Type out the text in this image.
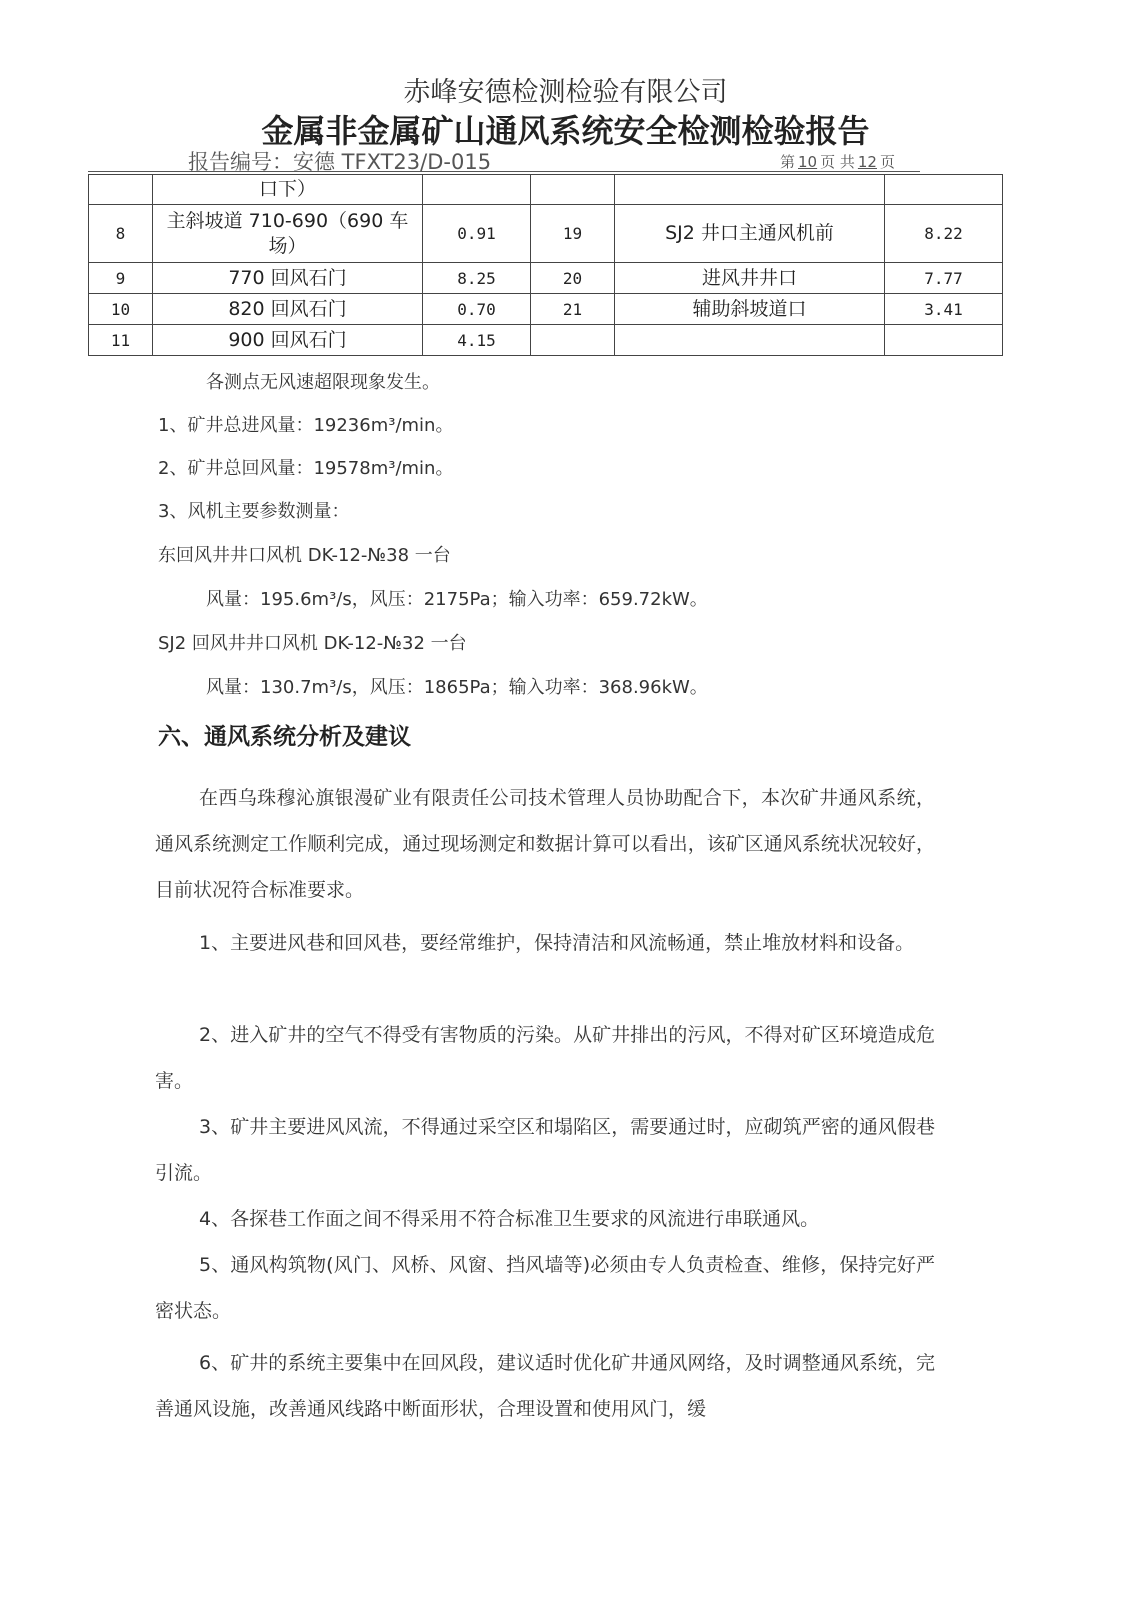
赤峰安德检测检验有限公司
金属非金属矿山通风系统安全检测检验报告
报告编号：安德 TFXT23/D-015	第 10 页 共 12 页
	口下）				
8	主斜坡道 710-690（690 车场）	0.91	19	SJ2 井口主通风机前	8.22
9	770 回风石门	8.25	20	进风井井口	7.77
10	820 回风石门	0.70	21	辅助斜坡道口	3.41
11	900 回风石门	4.15			
各测点无风速超限现象发生。
1、矿井总进风量：19236m³/min。
2、矿井总回风量：19578m³/min。
3、风机主要参数测量：
东回风井井口风机 DK-12-№38 一台
风量：195.6m³/s，风压：2175Pa；输入功率：659.72kW。
SJ2 回风井井口风机 DK-12-№32 一台
风量：130.7m³/s，风压：1865Pa；输入功率：368.96kW。
六、通风系统分析及建议
在西乌珠穆沁旗银漫矿业有限责任公司技术管理人员协助配合下，本次矿井通风系统，通风系统测定工作顺利完成，通过现场测定和数据计算可以看出，该矿区通风系统状况较好，目前状况符合标准要求。
1、主要进风巷和回风巷，要经常维护，保持清洁和风流畅通，禁止堆放材料和设备。
2、进入矿井的空气不得受有害物质的污染。从矿井排出的污风，不得对矿区环境造成危害。
3、矿井主要进风风流，不得通过采空区和塌陷区，需要通过时，应砌筑严密的通风假巷引流。
4、各探巷工作面之间不得采用不符合标准卫生要求的风流进行串联通风。
5、通风构筑物(风门、风桥、风窗、挡风墙等)必须由专人负责检查、维修，保持完好严密状态。
6、矿井的系统主要集中在回风段，建议适时优化矿井通风网络，及时调整通风系统，完善通风设施，改善通风线路中断面形状，合理设置和使用风门，缓
